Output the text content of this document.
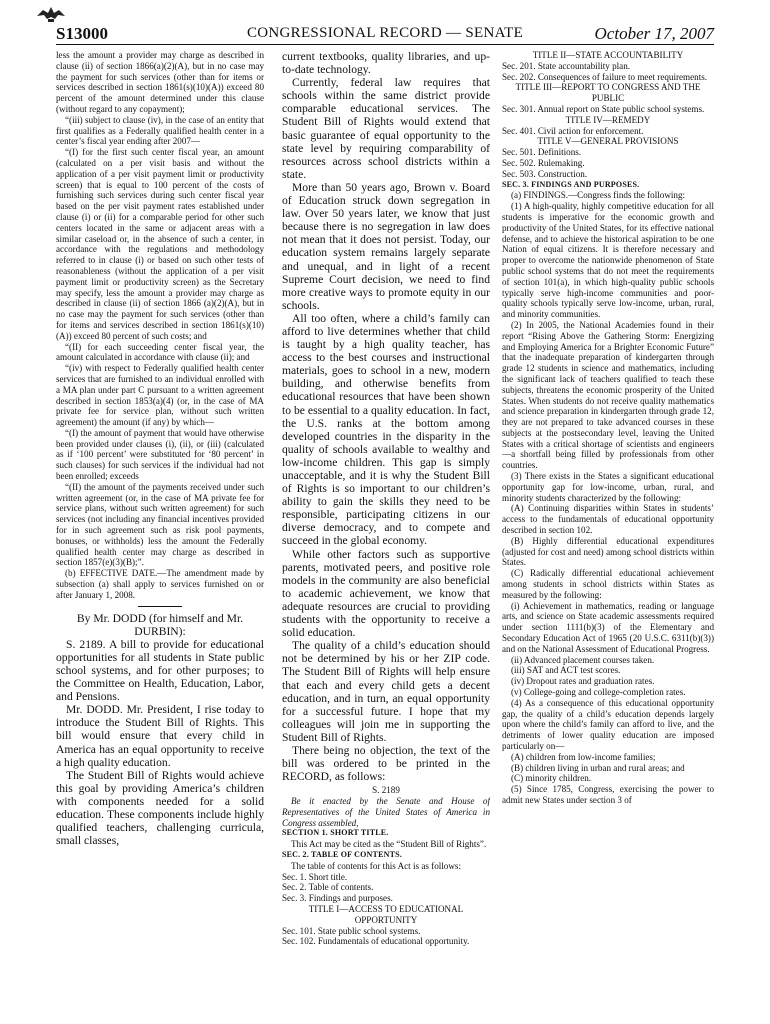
S13000	CONGRESSIONAL RECORD — SENATE	October 17, 2007

less the amount a provider may charge as described in clause (ii) of section 1866(a)(2)(A), but in no case may the payment for such services (other than for items or services described in section 1861(s)(10)(A)) exceed 80 percent of the amount determined under this clause (without regard to any copayment);

“(iii) subject to clause (iv), in the case of an entity that first qualifies as a Federally qualified health center in a center’s fiscal year ending after 2007—

“(I) for the first such center fiscal year, an amount (calculated on a per visit basis and without the application of a per visit payment limit or productivity screen) that is equal to 100 percent of the costs of furnishing such services during such center fiscal year based on the per visit payment rates established under clause (i) or (ii) for a comparable period for other such centers located in the same or adjacent areas with a similar caseload or, in the absence of such a center, in accordance with the regulations and methodology referred to in clause (i) or based on such other tests of reasonableness (without the application of a per visit payment limit or productivity screen) as the Secretary may specify, less the amount a provider may charge as described in clause (ii) of section 1866 (a)(2)(A), but in no case may the payment for such services (other than for items and services described in section 1861(s)(10)(A)) exceed 80 percent of such costs; and

“(II) for each succeeding center fiscal year, the amount calculated in accordance with clause (ii); and

“(iv) with respect to Federally qualified health center services that are furnished to an individual enrolled with a MA plan under part C pursuant to a written agreement described in section 1853(a)(4) (or, in the case of MA private fee for service plan, without such written agreement) the amount (if any) by which—

“(I) the amount of payment that would have otherwise been provided under clauses (i), (ii), or (iii) (calculated as if ‘100 percent’ were substituted for ‘80 percent’ in such clauses) for such services if the individual had not been enrolled; exceeds

“(II) the amount of the payments received under such written agreement (or, in the case of MA private fee for service plans, without such written agreement) for such services (not including any financial incentives provided for in such agreement such as risk pool payments, bonuses, or withholds) less the amount the Federally qualified health center may charge as described in section 1857(e)(3)(B);”.

(b) EFFECTIVE DATE.—The amendment made by subsection (a) shall apply to services furnished on or after January 1, 2008.

By Mr. DODD (for himself and Mr. DURBIN):

S. 2189. A bill to provide for educational opportunities for all students in State public school systems, and for other purposes; to the Committee on Health, Education, Labor, and Pensions.

Mr. DODD. Mr. President, I rise today to introduce the Student Bill of Rights. This bill would ensure that every child in America has an equal opportunity to receive a high quality education.

The Student Bill of Rights would achieve this goal by providing America’s children with components needed for a solid education. These components include highly qualified teachers, challenging curricula, small classes,

current textbooks, quality libraries, and up-to-date technology.

Currently, federal law requires that schools within the same district provide comparable educational services. The Student Bill of Rights would extend that basic guarantee of equal opportunity to the state level by requiring comparability of resources across school districts within a state.

More than 50 years ago, Brown v. Board of Education struck down segregation in law. Over 50 years later, we know that just because there is no segregation in law does not mean that it does not persist. Today, our education system remains largely separate and unequal, and in light of a recent Supreme Court decision, we need to find more creative ways to promote equity in our schools.

All too often, where a child’s family can afford to live determines whether that child is taught by a high quality teacher, has access to the best courses and instructional materials, goes to school in a new, modern building, and otherwise benefits from educational resources that have been shown to be essential to a quality education. In fact, the U.S. ranks at the bottom among developed countries in the disparity in the quality of schools available to wealthy and low-income children. This gap is simply unacceptable, and it is why the Student Bill of Rights is so important to our children’s ability to gain the skills they need to be responsible, participating citizens in our diverse democracy, and to compete and succeed in the global economy.

While other factors such as supportive parents, motivated peers, and positive role models in the community are also beneficial to academic achievement, we know that adequate resources are crucial to providing students with the opportunity to receive a solid education.

The quality of a child’s education should not be determined by his or her ZIP code. The Student Bill of Rights will help ensure that each and every child gets a decent education, and in turn, an equal opportunity for a successful future. I hope that my colleagues will join me in supporting the Student Bill of Rights.

There being no objection, the text of the bill was ordered to be printed in the RECORD, as follows:

S. 2189

Be it enacted by the Senate and House of Representatives of the United States of America in Congress assembled,

SECTION 1. SHORT TITLE.

This Act may be cited as the “Student Bill of Rights”.

SEC. 2. TABLE OF CONTENTS.

The table of contents for this Act is as follows:

Sec. 1. Short title.

Sec. 2. Table of contents.

Sec. 3. Findings and purposes.

TITLE I—ACCESS TO EDUCATIONAL OPPORTUNITY

Sec. 101. State public school systems.

Sec. 102. Fundamentals of educational opportunity.

TITLE II—STATE ACCOUNTABILITY

Sec. 201. State accountability plan.

Sec. 202. Consequences of failure to meet requirements.

TITLE III—REPORT TO CONGRESS AND THE PUBLIC

Sec. 301. Annual report on State public school systems.

TITLE IV—REMEDY

Sec. 401. Civil action for enforcement.

TITLE V—GENERAL PROVISIONS

Sec. 501. Definitions.

Sec. 502. Rulemaking.

Sec. 503. Construction.

SEC. 3. FINDINGS AND PURPOSES.

(a) FINDINGS.—Congress finds the following:

(1) A high-quality, highly competitive education for all students is imperative for the economic growth and productivity of the United States, for its effective national defense, and to achieve the historical aspiration to be one Nation of equal citizens. It is therefore necessary and proper to overcome the nationwide phenomenon of State public school systems that do not meet the requirements of section 101(a), in which high-quality public schools typically serve high-income communities and poor-quality schools typically serve low-income, urban, rural, and minority communities.

(2) In 2005, the National Academies found in their report “Rising Above the Gathering Storm: Energizing and Employing America for a Brighter Economic Future” that the inadequate preparation of kindergarten through grade 12 students in science and mathematics, including the significant lack of teachers qualified to teach these subjects, threatens the economic prosperity of the United States. When students do not receive quality mathematics and science preparation in kindergarten through grade 12, they are not prepared to take advanced courses in these subjects at the postsecondary level, leaving the United States with a critical shortage of scientists and engineers—a shortfall being filled by professionals from other countries.

(3) There exists in the States a significant educational opportunity gap for low-income, urban, rural, and minority students characterized by the following:

(A) Continuing disparities within States in students’ access to the fundamentals of educational opportunity described in section 102.

(B) Highly differential educational expenditures (adjusted for cost and need) among school districts within States.

(C) Radically differential educational achievement among students in school districts within States as measured by the following:

(i) Achievement in mathematics, reading or language arts, and science on State academic assessments required under section 1111(b)(3) of the Elementary and Secondary Education Act of 1965 (20 U.S.C. 6311(b)(3)) and on the National Assessment of Educational Progress.

(ii) Advanced placement courses taken.

(iii) SAT and ACT test scores.

(iv) Dropout rates and graduation rates.

(v) College-going and college-completion rates.

(4) As a consequence of this educational opportunity gap, the quality of a child’s education depends largely upon where the child’s family can afford to live, and the detriments of lower quality education are imposed particularly on—

(A) children from low-income families;

(B) children living in urban and rural areas; and

(C) minority children.

(5) Since 1785, Congress, exercising the power to admit new States under section 3 of
